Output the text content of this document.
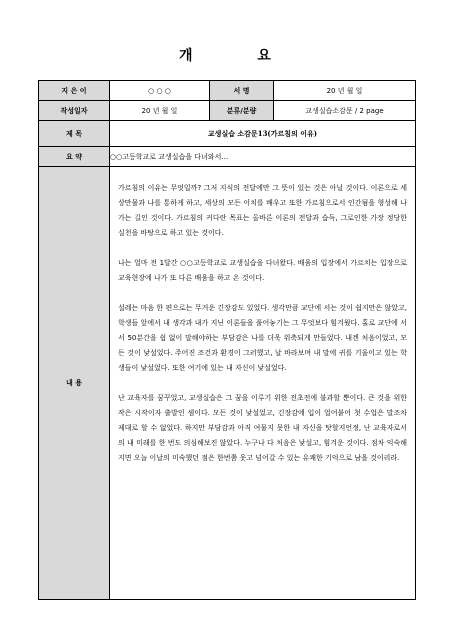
개 요
지 은 이	○ ○ ○	서 명	20 년 월 일
작성일자	20 년 월 일	분류/분량	교생실습소감문 / 2 page
제 목	교생실습 소감문13(가르침의 이유)		
요 약	○○고등학교로 교생실습을 다녀와서…		
내 용	가르침의 이유는 무엇일까? 그저 지식의 전달에만 그 뜻이 있는 것은 아닐 것이다. 이론으로 세상만물과 나를 통하게 하고, 세상의 모든 이치를 배우고 또한 가르침으로서 인간됨을 형성해 나가는 길인 것이다. 가르침의 커다란 목표는 올바른 이론의 전달과 습득, 그로인한 가장 정당한 실천을 바탕으로 하고 있는 것이다.

나는 얼마 전 1달간 ○○고등학교로 교생실습을 다녀왔다. 배움의 입장에서 가르치는 입장으로 교육현장에 나가 또 다른 배움을 하고 온 것이다.

설레는 마음 한 편으로는 무거운 긴장감도 있었다. 생각만큼 교단에 서는 것이 쉽지만은 않았고, 학생들 앞에서 내 생각과 내가 지닌 이론들을 풀어놓기는 그 무엇보다 힘겨웠다. 홀로 교단에 서서 50분간을 쉼 없이 말해야하는 부담감은 나를 더욱 위축되게 만들었다. 내겐 처음이었고, 모든 것이 낯설었다. 주어진 조건과 환경이 그러했고, 날 바라보며 내 말에 귀를 기울이고 있는 학생들이 낯설었다. 또한 여기에 있는 내 자신이 낯설었다.

난 교육자를 꿈꾸었고, 교생실습은 그 꿈을 이루기 위한 전초전에 불과할 뿐이다. 큰 것을 위한 작은 시작이자 출발인 셈이다. 모든 것이 낯설었고, 긴장감에 입이 얼어붙어 첫 수업은 말조차 제대로 할 수 없었다. 하지만 부담감과 아직 여물지 못한 내 자신을 탓할지언정, 난 교육자로서의 내 미래를 한 번도 의심해보진 않았다. 누구나 다 처음은 낯설고, 힘겨운 것이다. 점차 익숙해지면 오늘 이날의 미숙했던 점은 한번쯤 웃고 넘어갈 수 있는 유쾌한 기억으로 남을 것이리라.		
